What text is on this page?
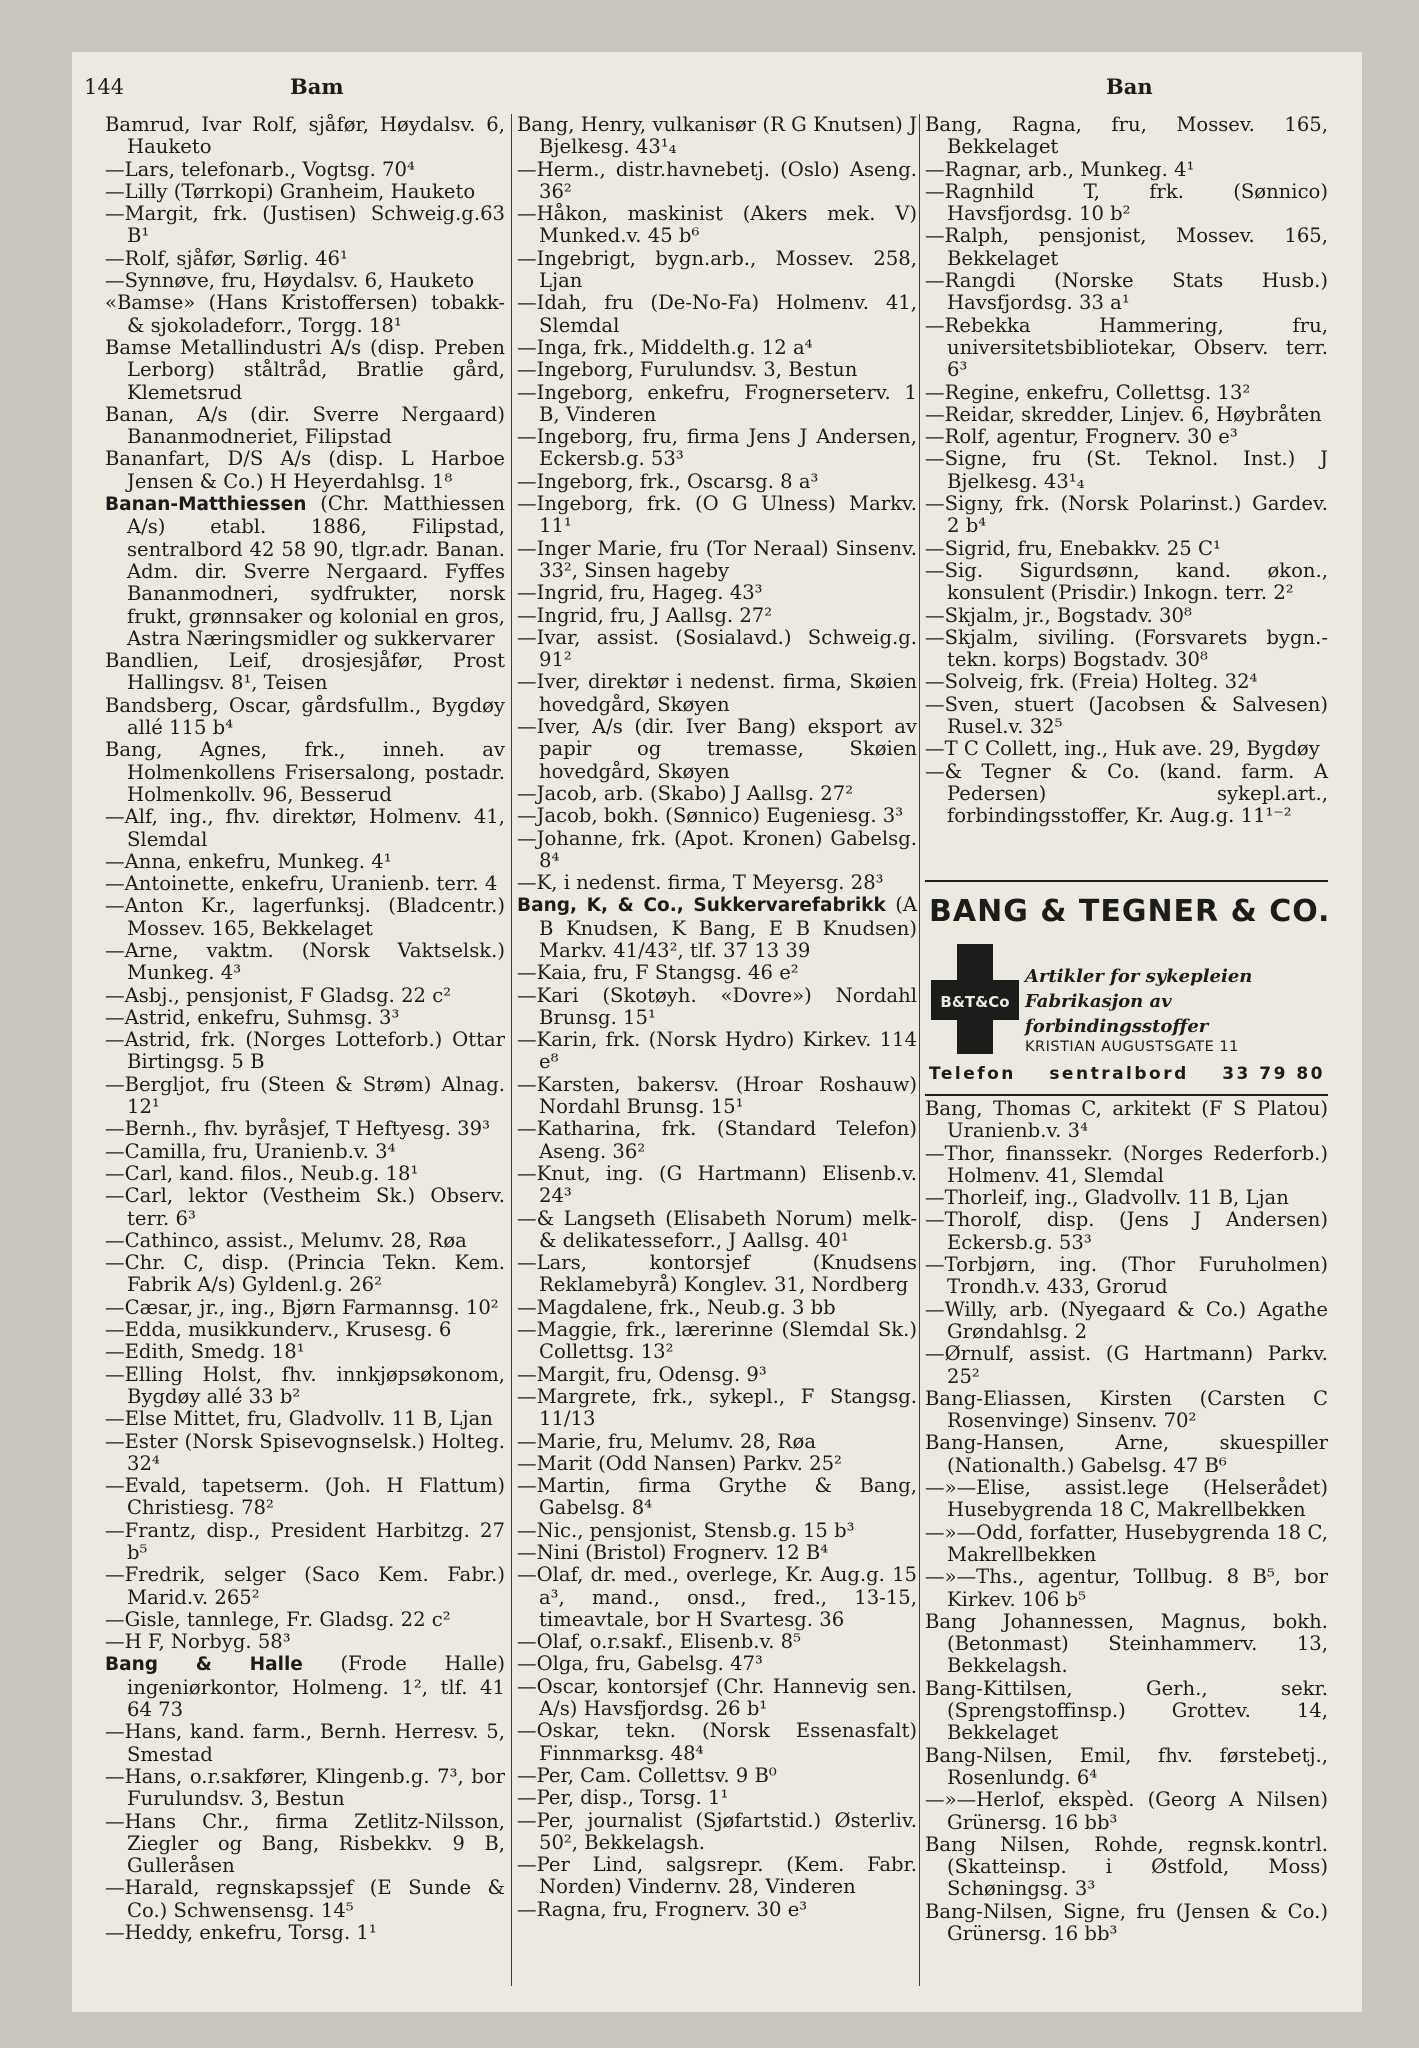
144	Bam	Ban

Bamrud, Ivar Rolf, sjåfør, Høydalsv. 6, Hauketo

—Lars, telefonarb., Vogtsg. 70⁴

—Lilly (Tørrkopi) Granheim, Hauketo

—Margit, frk. (Justisen) Schweig.g.63 B¹

—Rolf, sjåfør, Sørlig. 46¹

—Synnøve, fru, Høydalsv. 6, Hauketo

«Bamse» (Hans Kristoffersen) tobakk- & sjokoladeforr., Torgg. 18¹

Bamse Metallindustri A/s (disp. Preben Lerborg) ståltråd, Bratlie gård, Klemetsrud

Banan, A/s (dir. Sverre Nergaard) Bananmodneriet, Filipstad

Bananfart, D/S A/s (disp. L Harboe Jensen & Co.) H Heyerdahlsg. 1⁸

Banan-Matthiessen (Chr. Matthiessen A/s) etabl. 1886, Filipstad, sentralbord 42 58 90, tlgr.adr. Banan. Adm. dir. Sverre Nergaard. Fyffes Bananmodneri, sydfrukter, norsk frukt, grønnsaker og kolonial en gros, Astra Næringsmidler og sukkervarer

Bandlien, Leif, drosjesjåfør, Prost Hallingsv. 8¹, Teisen

Bandsberg, Oscar, gårdsfullm., Bygdøy allé 115 b⁴

Bang, Agnes, frk., inneh. av Holmenkollens Frisersalong, postadr. Holmenkollv. 96, Besserud

—Alf, ing., fhv. direktør, Holmenv. 41, Slemdal

—Anna, enkefru, Munkeg. 4¹

—Antoinette, enkefru, Uranienb. terr. 4

—Anton Kr., lagerfunksj. (Bladcentr.) Mossev. 165, Bekkelaget

—Arne, vaktm. (Norsk Vaktselsk.) Munkeg. 4³

—Asbj., pensjonist, F Gladsg. 22 c²

—Astrid, enkefru, Suhmsg. 3³

—Astrid, frk. (Norges Lotteforb.) Ottar Birtingsg. 5 B

—Bergljot, fru (Steen & Strøm) Alnag. 12¹

—Bernh., fhv. byråsjef, T Heftyesg. 39³

—Camilla, fru, Uranienb.v. 3⁴

—Carl, kand. filos., Neub.g. 18¹

—Carl, lektor (Vestheim Sk.) Observ. terr. 6³

—Cathinco, assist., Melumv. 28, Røa

—Chr. C, disp. (Princia Tekn. Kem. Fabrik A/s) Gyldenl.g. 26²

—Cæsar, jr., ing., Bjørn Farmannsg. 10²

—Edda, musikkunderv., Krusesg. 6

—Edith, Smedg. 18¹

—Elling Holst, fhv. innkjøpsøkonom, Bygdøy allé 33 b²

—Else Mittet, fru, Gladvollv. 11 B, Ljan

—Ester (Norsk Spisevognselsk.) Holteg. 32⁴

—Evald, tapetserm. (Joh. H Flattum) Christiesg. 78²

—Frantz, disp., President Harbitzg. 27 b⁵

—Fredrik, selger (Saco Kem. Fabr.) Marid.v. 265²

—Gisle, tannlege, Fr. Gladsg. 22 c²

—H F, Norbyg. 58³

Bang & Halle (Frode Halle) ingeniørkontor, Holmeng. 1², tlf. 41 64 73

—Hans, kand. farm., Bernh. Herresv. 5, Smestad

—Hans, o.r.sakfører, Klingenb.g. 7³, bor Furulundsv. 3, Bestun

—Hans Chr., firma Zetlitz-Nilsson, Ziegler og Bang, Risbekkv. 9 B, Gulleråsen

—Harald, regnskapssjef (E Sunde & Co.) Schwensensg. 14⁵

—Heddy, enkefru, Torsg. 1¹

Bang, Henry, vulkanisør (R G Knutsen) J Bjelkesg. 43¹₄

—Herm., distr.havnebetj. (Oslo) Aseng. 36²

—Håkon, maskinist (Akers mek. V) Munked.v. 45 b⁶

—Ingebrigt, bygn.arb., Mossev. 258, Ljan

—Idah, fru (De-No-Fa) Holmenv. 41, Slemdal

—Inga, frk., Middelth.g. 12 a⁴

—Ingeborg, Furulundsv. 3, Bestun

—Ingeborg, enkefru, Frognerseterv. 1 B, Vinderen

—Ingeborg, fru, firma Jens J Andersen, Eckersb.g. 53³

—Ingeborg, frk., Oscarsg. 8 a³

—Ingeborg, frk. (O G Ulness) Markv. 11¹

—Inger Marie, fru (Tor Neraal) Sinsenv. 33², Sinsen hageby

—Ingrid, fru, Hageg. 43³

—Ingrid, fru, J Aallsg. 27²

—Ivar, assist. (Sosialavd.) Schweig.g. 91²

—Iver, direktør i nedenst. firma, Skøien hovedgård, Skøyen

—Iver, A/s (dir. Iver Bang) eksport av papir og tremasse, Skøien hovedgård, Skøyen

—Jacob, arb. (Skabo) J Aallsg. 27²

—Jacob, bokh. (Sønnico) Eugeniesg. 3³

—Johanne, frk. (Apot. Kronen) Gabelsg. 8⁴

—K, i nedenst. firma, T Meyersg. 28³

Bang, K, & Co., Sukkervarefabrikk (A B Knudsen, K Bang, E B Knudsen) Markv. 41/43², tlf. 37 13 39

—Kaia, fru, F Stangsg. 46 e²

—Kari (Skotøyh. «Dovre») Nordahl Brunsg. 15¹

—Karin, frk. (Norsk Hydro) Kirkev. 114 e⁸

—Karsten, bakersv. (Hroar Roshauw) Nordahl Brunsg. 15¹

—Katharina, frk. (Standard Telefon) Aseng. 36²

—Knut, ing. (G Hartmann) Elisenb.v. 24³

—& Langseth (Elisabeth Norum) melk- & delikatesseforr., J Aallsg. 40¹

—Lars, kontorsjef (Knudsens Reklamebyrå) Konglev. 31, Nordberg

—Magdalene, frk., Neub.g. 3 bb

—Maggie, frk., lærerinne (Slemdal Sk.) Collettsg. 13²

—Margit, fru, Odensg. 9³

—Margrete, frk., sykepl., F Stangsg. 11/13

—Marie, fru, Melumv. 28, Røa

—Marit (Odd Nansen) Parkv. 25²

—Martin, firma Grythe & Bang, Gabelsg. 8⁴

—Nic., pensjonist, Stensb.g. 15 b³

—Nini (Bristol) Frognerv. 12 B⁴

—Olaf, dr. med., overlege, Kr. Aug.g. 15 a³, mand., onsd., fred., 13-15, timeavtale, bor H Svartesg. 36

—Olaf, o.r.sakf., Elisenb.v. 8⁵

—Olga, fru, Gabelsg. 47³

—Oscar, kontorsjef (Chr. Hannevig sen. A/s) Havsfjordsg. 26 b¹

—Oskar, tekn. (Norsk Essenasfalt) Finnmarksg. 48⁴

—Per, Cam. Collettsv. 9 B⁰

—Per, disp., Torsg. 1¹

—Per, journalist (Sjøfartstid.) Østerliv. 50², Bekkelagsh.

—Per Lind, salgsrepr. (Kem. Fabr. Norden) Vindernv. 28, Vinderen

—Ragna, fru, Frognerv. 30 e³

Bang, Ragna, fru, Mossev. 165, Bekkelaget

—Ragnar, arb., Munkeg. 4¹

—Ragnhild T, frk. (Sønnico) Havsfjordsg. 10 b²

—Ralph, pensjonist, Mossev. 165, Bekkelaget

—Rangdi (Norske Stats Husb.) Havsfjordsg. 33 a¹

—Rebekka Hammering, fru, universitetsbibliotekar, Observ. terr. 6³

—Regine, enkefru, Collettsg. 13²

—Reidar, skredder, Linjev. 6, Høybråten

—Rolf, agentur, Frognerv. 30 e³

—Signe, fru (St. Teknol. Inst.) J Bjelkesg. 43¹₄

—Signy, frk. (Norsk Polarinst.) Gardev. 2 b⁴

—Sigrid, fru, Enebakkv. 25 C¹

—Sig. Sigurdsønn, kand. økon., konsulent (Prisdir.) Inkogn. terr. 2²

—Skjalm, jr., Bogstadv. 30⁸

—Skjalm, siviling. (Forsvarets bygn.-tekn. korps) Bogstadv. 30⁸

—Solveig, frk. (Freia) Holteg. 32⁴

—Sven, stuert (Jacobsen & Salvesen) Rusel.v. 32⁵

—T C Collett, ing., Huk ave. 29, Bygdøy

—& Tegner & Co. (kand. farm. A Pedersen) sykepl.art., forbindingsstoffer, Kr. Aug.g. 11¹⁻²

BANG & TEGNER & CO.
B&T&Co
Artikler for sykepleien
Fabrikasjon av forbindingsstoffer
KRISTIAN AUGUSTSGATE 11
Telefon sentralbord 33 79 80

Bang, Thomas C, arkitekt (F S Platou) Uranienb.v. 3⁴

—Thor, finanssekr. (Norges Rederforb.) Holmenv. 41, Slemdal

—Thorleif, ing., Gladvollv. 11 B, Ljan

—Thorolf, disp. (Jens J Andersen) Eckersb.g. 53³

—Torbjørn, ing. (Thor Furuholmen) Trondh.v. 433, Grorud

—Willy, arb. (Nyegaard & Co.) Agathe Grøndahlsg. 2

—Ørnulf, assist. (G Hartmann) Parkv. 25²

Bang-Eliassen, Kirsten (Carsten C Rosenvinge) Sinsenv. 70²

Bang-Hansen, Arne, skuespiller (Nationalth.) Gabelsg. 47 B⁶

—»—Elise, assist.lege (Helserådet) Husebygrenda 18 C, Makrellbekken

—»—Odd, forfatter, Husebygrenda 18 C, Makrellbekken

—»—Ths., agentur, Tollbug. 8 B⁵, bor Kirkev. 106 b⁵

Bang Johannessen, Magnus, bokh. (Betonmast) Steinhammerv. 13, Bekkelagsh.

Bang-Kittilsen, Gerh., sekr. (Sprengstoffinsp.) Grottev. 14, Bekkelaget

Bang-Nilsen, Emil, fhv. førstebetj., Rosenlundg. 6⁴

—»—Herlof, ekspèd. (Georg A Nilsen) Grünersg. 16 bb³

Bang Nilsen, Rohde, regnsk.kontrl. (Skatteinsp. i Østfold, Moss) Schøningsg. 3³

Bang-Nilsen, Signe, fru (Jensen & Co.) Grünersg. 16 bb³
